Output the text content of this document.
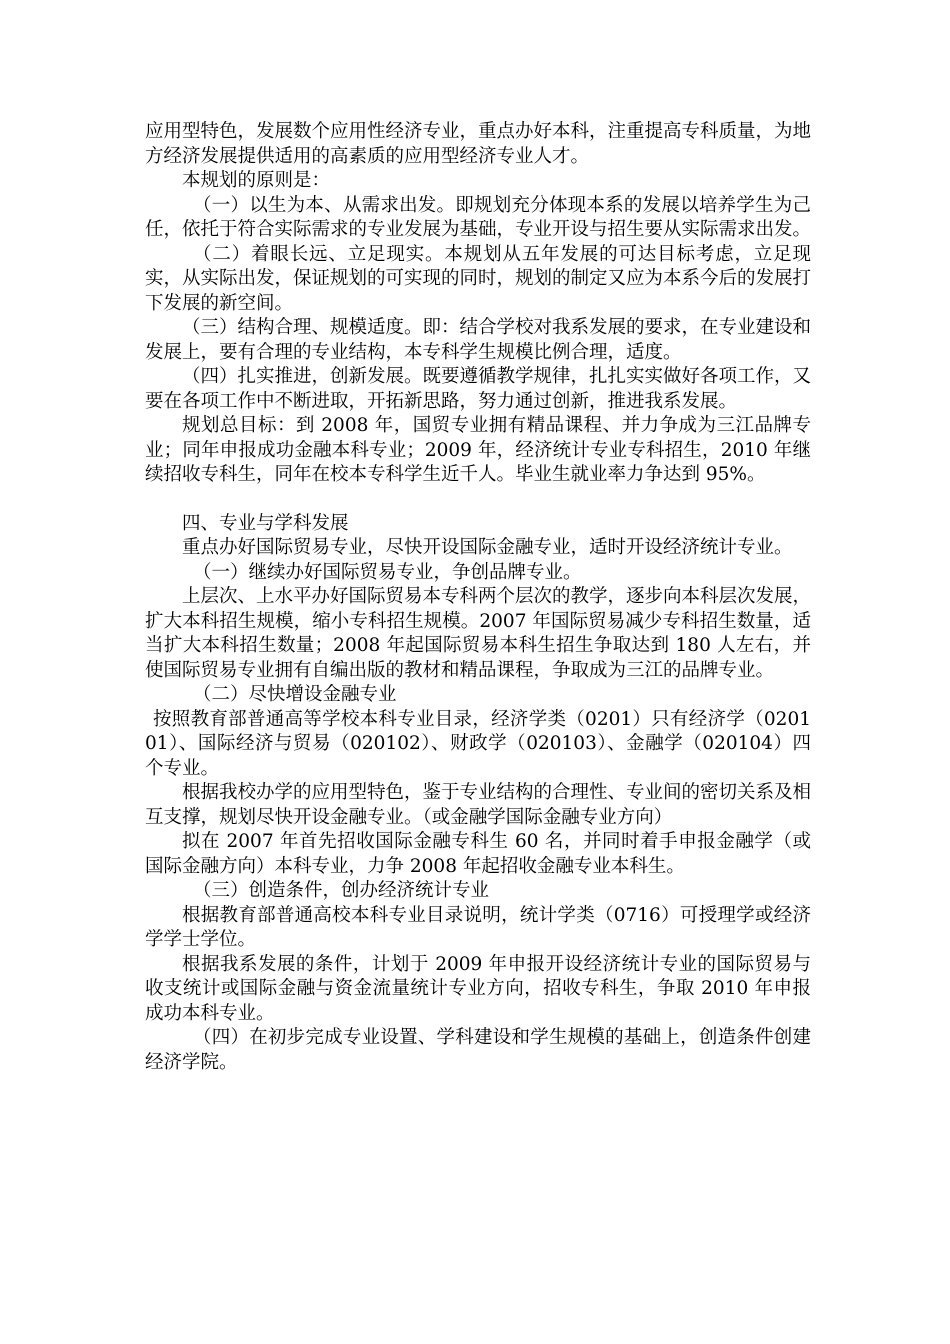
应用型特色，发展数个应用性经济专业，重点办好本科，注重提高专科质量，为地方经济发展提供适用的高素质的应用型经济专业人才。

本规划的原则是：

（一）以生为本、从需求出发。即规划充分体现本系的发展以培养学生为己任，依托于符合实际需求的专业发展为基础，专业开设与招生要从实际需求出发。

（二）着眼长远、立足现实。本规划从五年发展的可达目标考虑，立足现实，从实际出发，保证规划的可实现的同时，规划的制定又应为本系今后的发展打下发展的新空间。

（三）结构合理、规模适度。即：结合学校对我系发展的要求，在专业建设和发展上，要有合理的专业结构，本专科学生规模比例合理，适度。

（四）扎实推进，创新发展。既要遵循教学规律，扎扎实实做好各项工作，又要在各项工作中不断进取，开拓新思路，努力通过创新，推进我系发展。

规划总目标：到 2008 年，国贸专业拥有精品课程、并力争成为三江品牌专业；同年申报成功金融本科专业；2009 年，经济统计专业专科招生，2010 年继续招收专科生，同年在校本专科学生近千人。毕业生就业率力争达到 95%。

四、专业与学科发展

重点办好国际贸易专业，尽快开设国际金融专业，适时开设经济统计专业。

（一）继续办好国际贸易专业，争创品牌专业。

上层次、上水平办好国际贸易本专科两个层次的教学，逐步向本科层次发展，扩大本科招生规模，缩小专科招生规模。2007 年国际贸易减少专科招生数量，适当扩大本科招生数量；2008 年起国际贸易本科生招生争取达到 180 人左右，并使国际贸易专业拥有自编出版的教材和精品课程，争取成为三江的品牌专业。

（二）尽快增设金融专业

按照教育部普通高等学校本科专业目录，经济学类（0201）只有经济学（020101）、国际经济与贸易（020102）、财政学（020103）、金融学（020104）四个专业。

根据我校办学的应用型特色，鉴于专业结构的合理性、专业间的密切关系及相互支撑，规划尽快开设金融专业。（或金融学国际金融专业方向）

拟在 2007 年首先招收国际金融专科生 60 名，并同时着手申报金融学（或国际金融方向）本科专业，力争 2008 年起招收金融专业本科生。

（三）创造条件，创办经济统计专业

根据教育部普通高校本科专业目录说明，统计学类（0716）可授理学或经济学学士学位。

根据我系发展的条件，计划于 2009 年申报开设经济统计专业的国际贸易与收支统计或国际金融与资金流量统计专业方向，招收专科生，争取 2010 年申报成功本科专业。

（四）在初步完成专业设置、学科建设和学生规模的基础上，创造条件创建经济学院。
